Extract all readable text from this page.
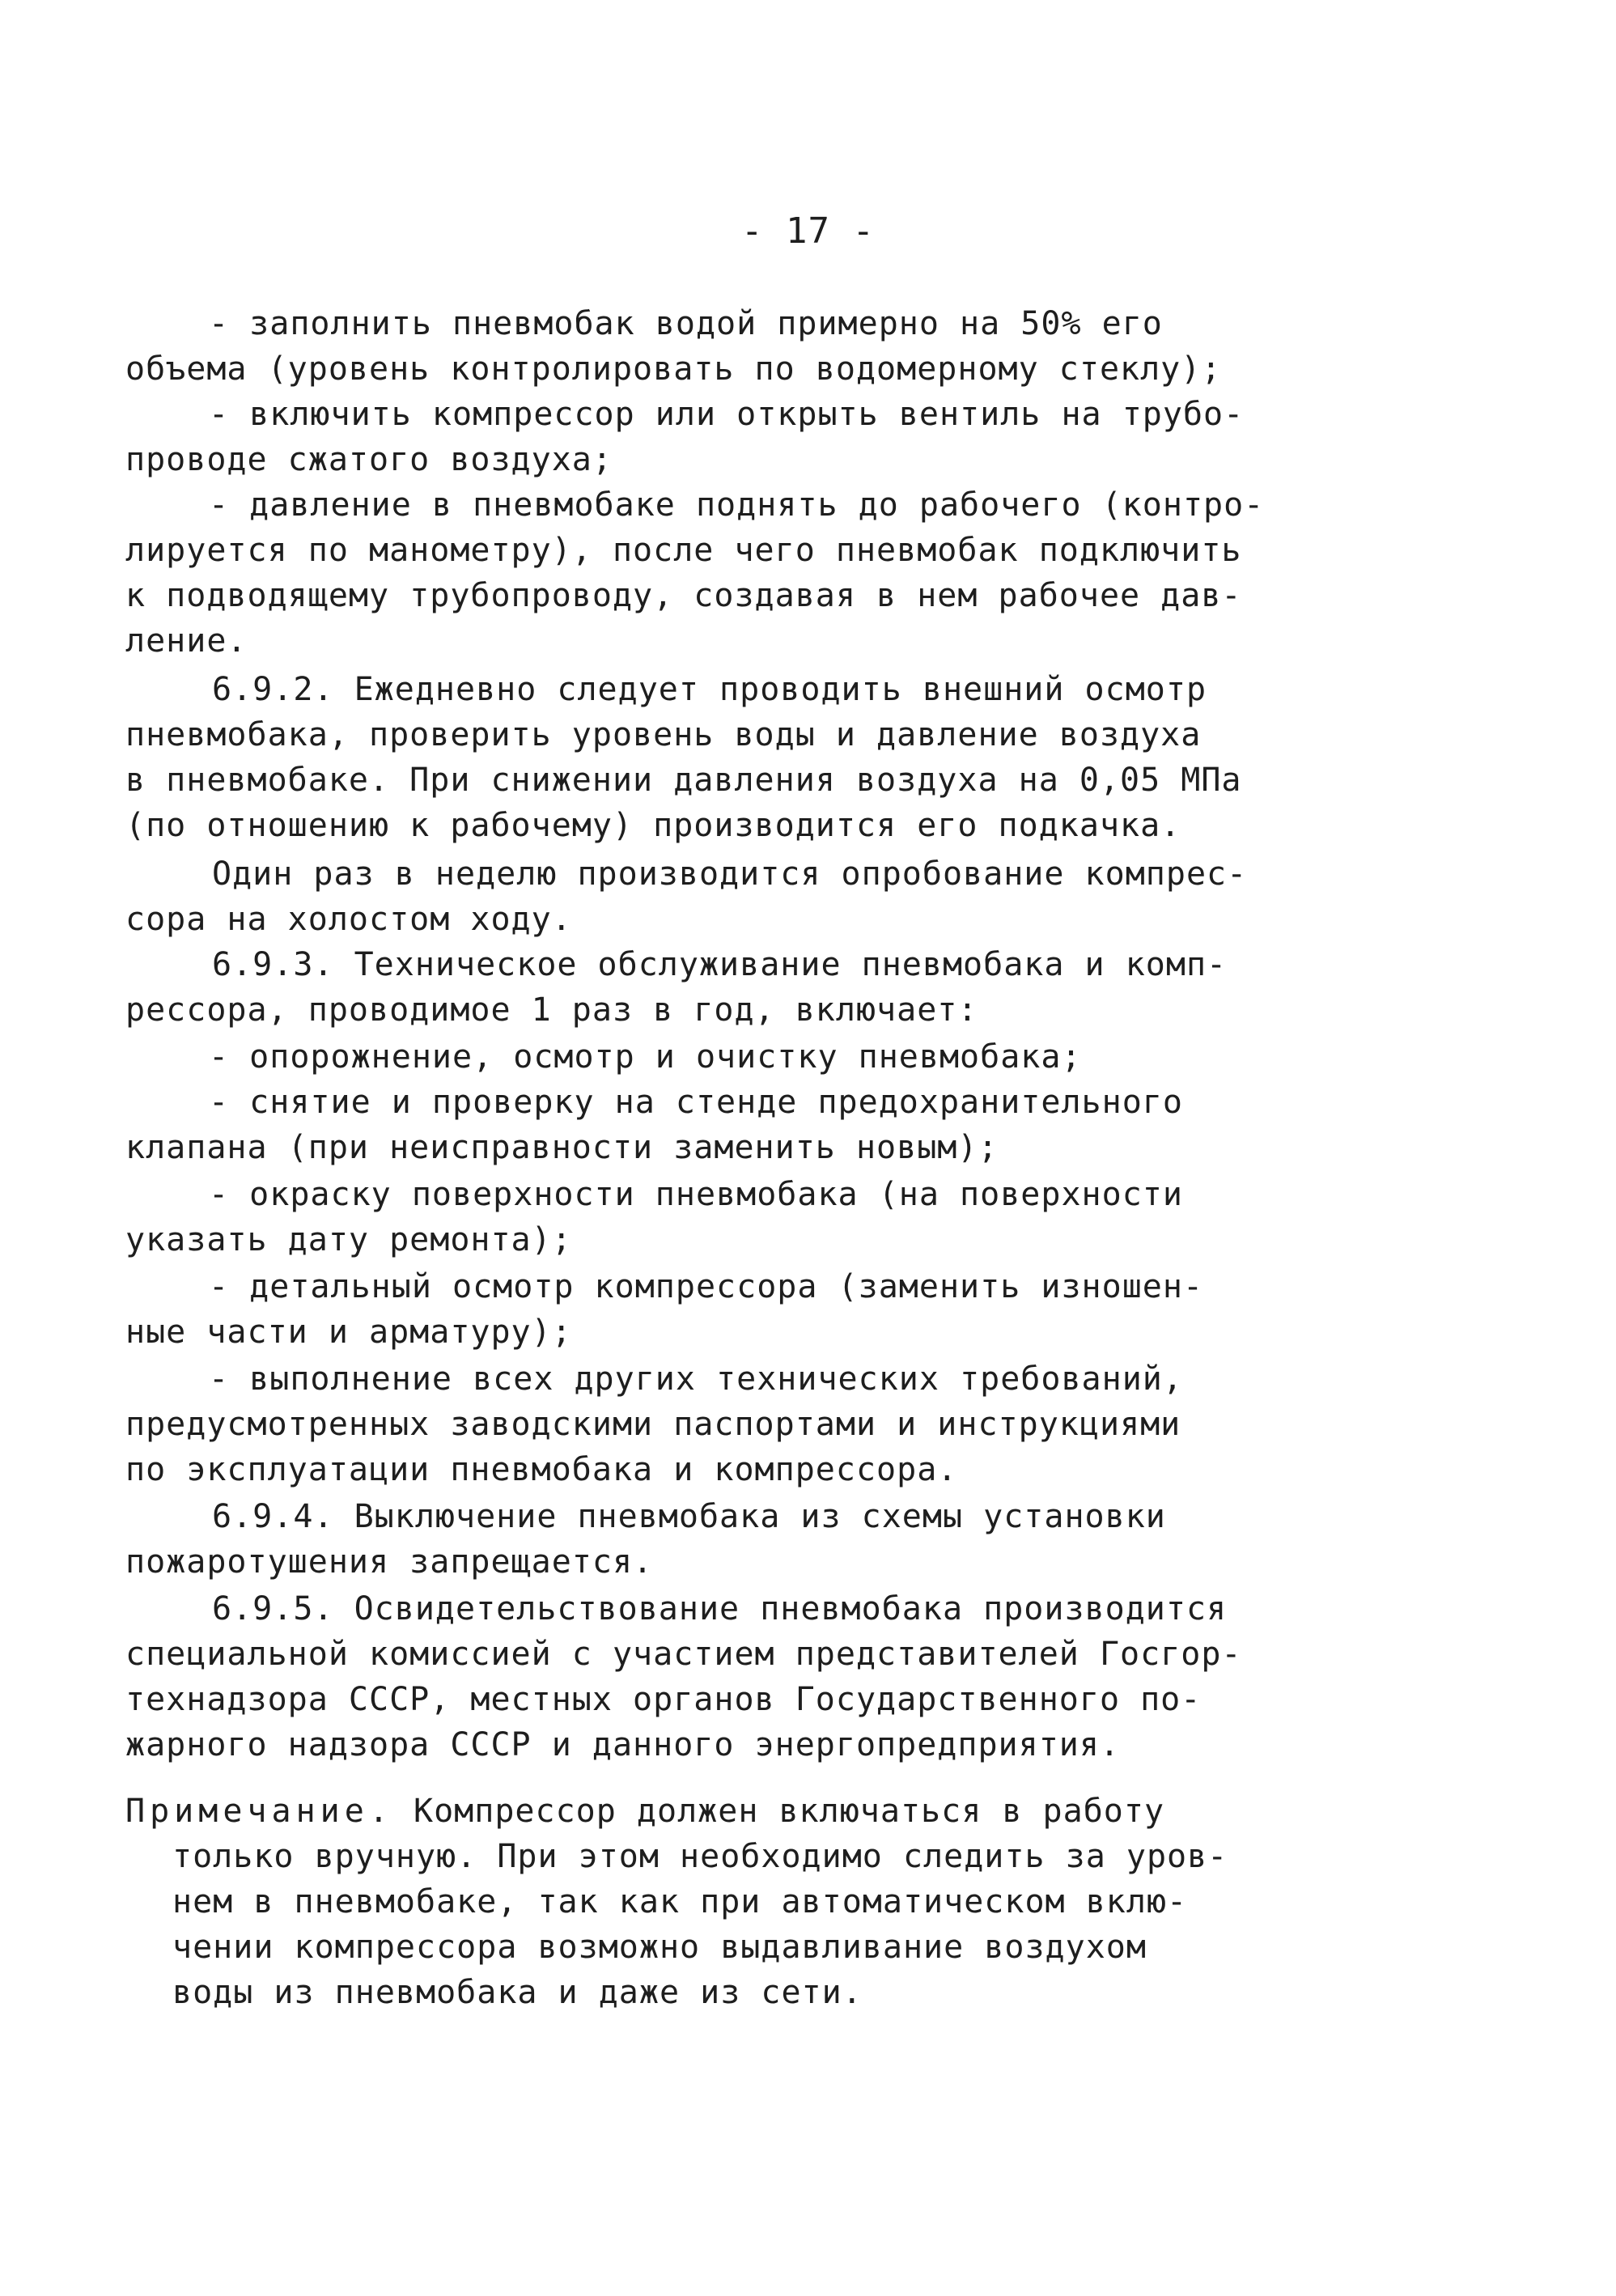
- 17 -
- заполнить пневмобак водой примерно на 50% его
объема (уровень контролировать по водомерному стеклу);
- включить компрессор или открыть вентиль на трубо-
проводе сжатого воздуха;
- давление в пневмобаке поднять до рабочего (контро-
лируется по манометру), после чего пневмобак подключить
к подводящему трубопроводу, создавая в нем рабочее дав-
ление.
6.9.2. Ежедневно следует проводить внешний осмотр
пневмобака, проверить уровень воды и давление воздуха
в пневмобаке. При снижении давления воздуха на 0,05 МПа
(по отношению к рабочему) производится его подкачка.
Один раз в неделю производится опробование компрес-
сора на холостом ходу.
6.9.3. Техническое обслуживание пневмобака и комп-
рессора, проводимое 1 раз в год, включает:
- опорожнение, осмотр и очистку пневмобака;
- снятие и проверку на стенде предохранительного
клапана (при неисправности заменить новым);
- окраску поверхности пневмобака (на поверхности
указать дату ремонта);
- детальный осмотр компрессора (заменить изношен-
ные части и арматуру);
- выполнение всех других технических требований,
предусмотренных заводскими паспортами и инструкциями
по эксплуатации пневмобака и компрессора.
6.9.4. Выключение пневмобака из схемы установки
пожаротушения запрещается.
6.9.5. Освидетельствование пневмобака производится
специальной комиссией с участием представителей Госгор-
технадзора СССР, местных органов Государственного по-
жарного надзора СССР и данного энергопредприятия.
Примечание. Компрессор должен включаться в работу
только вручную. При этом необходимо следить за уров-
нем в пневмобаке, так как при автоматическом вклю-
чении компрессора возможно выдавливание воздухом
воды из пневмобака и даже из сети.
